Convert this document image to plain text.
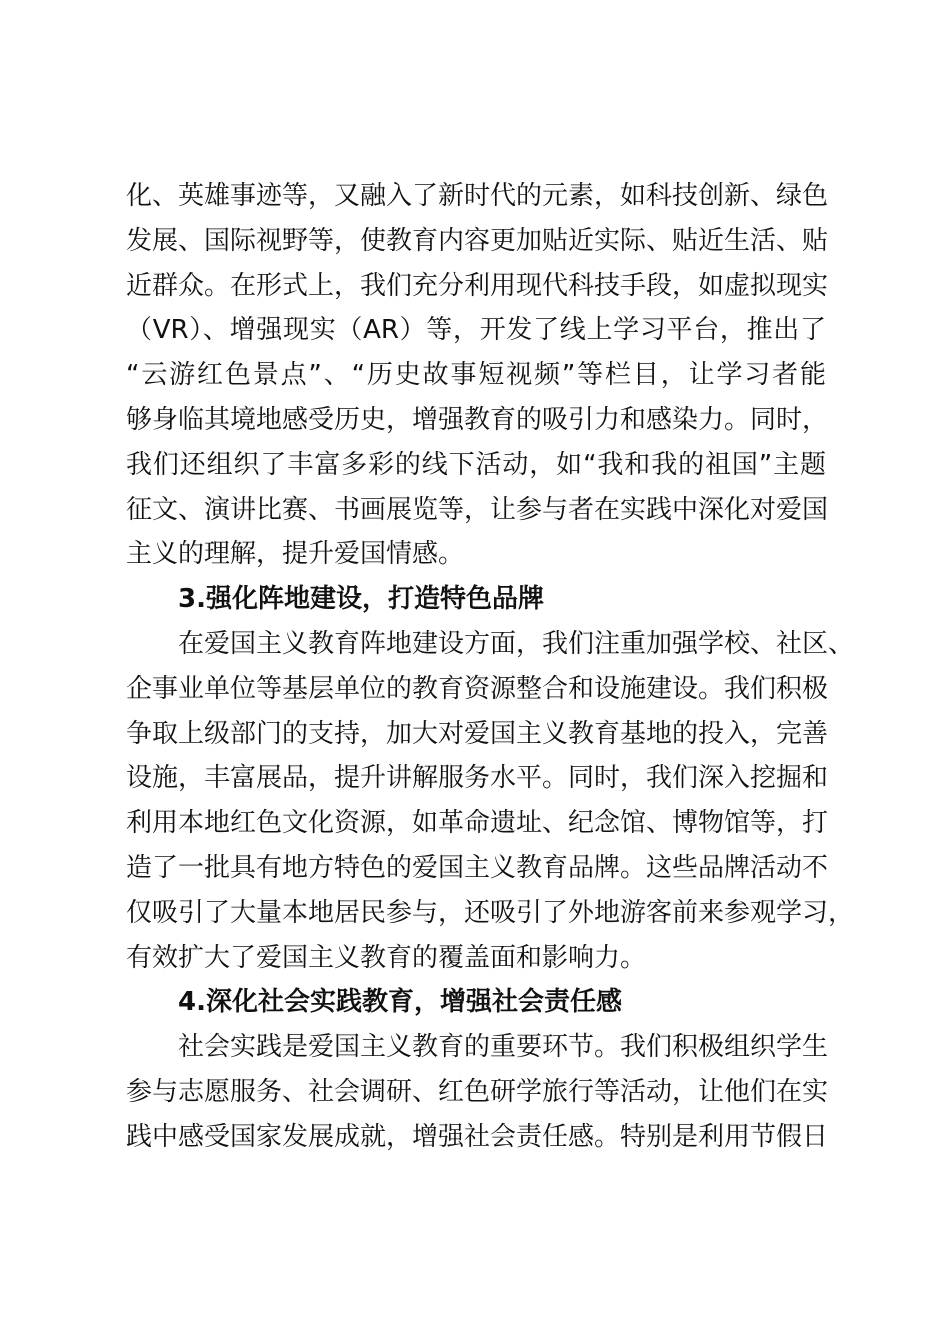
化、英雄事迹等，又融入了新时代的元素，如科技创新、绿色
发展、国际视野等，使教育内容更加贴近实际、贴近生活、贴
近群众。在形式上，我们充分利用现代科技手段，如虚拟现实
（VR）、增强现实（AR）等，开发了线上学习平台，推出了
“云游红色景点”、“历史故事短视频”等栏目，让学习者能
够身临其境地感受历史，增强教育的吸引力和感染力。同时，
我们还组织了丰富多彩的线下活动，如“我和我的祖国”主题
征文、演讲比赛、书画展览等，让参与者在实践中深化对爱国
主义的理解，提升爱国情感。
3.强化阵地建设，打造特色品牌
在爱国主义教育阵地建设方面，我们注重加强学校、社区、
企事业单位等基层单位的教育资源整合和设施建设。我们积极
争取上级部门的支持，加大对爱国主义教育基地的投入，完善
设施，丰富展品，提升讲解服务水平。同时，我们深入挖掘和
利用本地红色文化资源，如革命遗址、纪念馆、博物馆等，打
造了一批具有地方特色的爱国主义教育品牌。这些品牌活动不
仅吸引了大量本地居民参与，还吸引了外地游客前来参观学习，
有效扩大了爱国主义教育的覆盖面和影响力。
4.深化社会实践教育，增强社会责任感
社会实践是爱国主义教育的重要环节。我们积极组织学生
参与志愿服务、社会调研、红色研学旅行等活动，让他们在实
践中感受国家发展成就，增强社会责任感。特别是利用节假日
